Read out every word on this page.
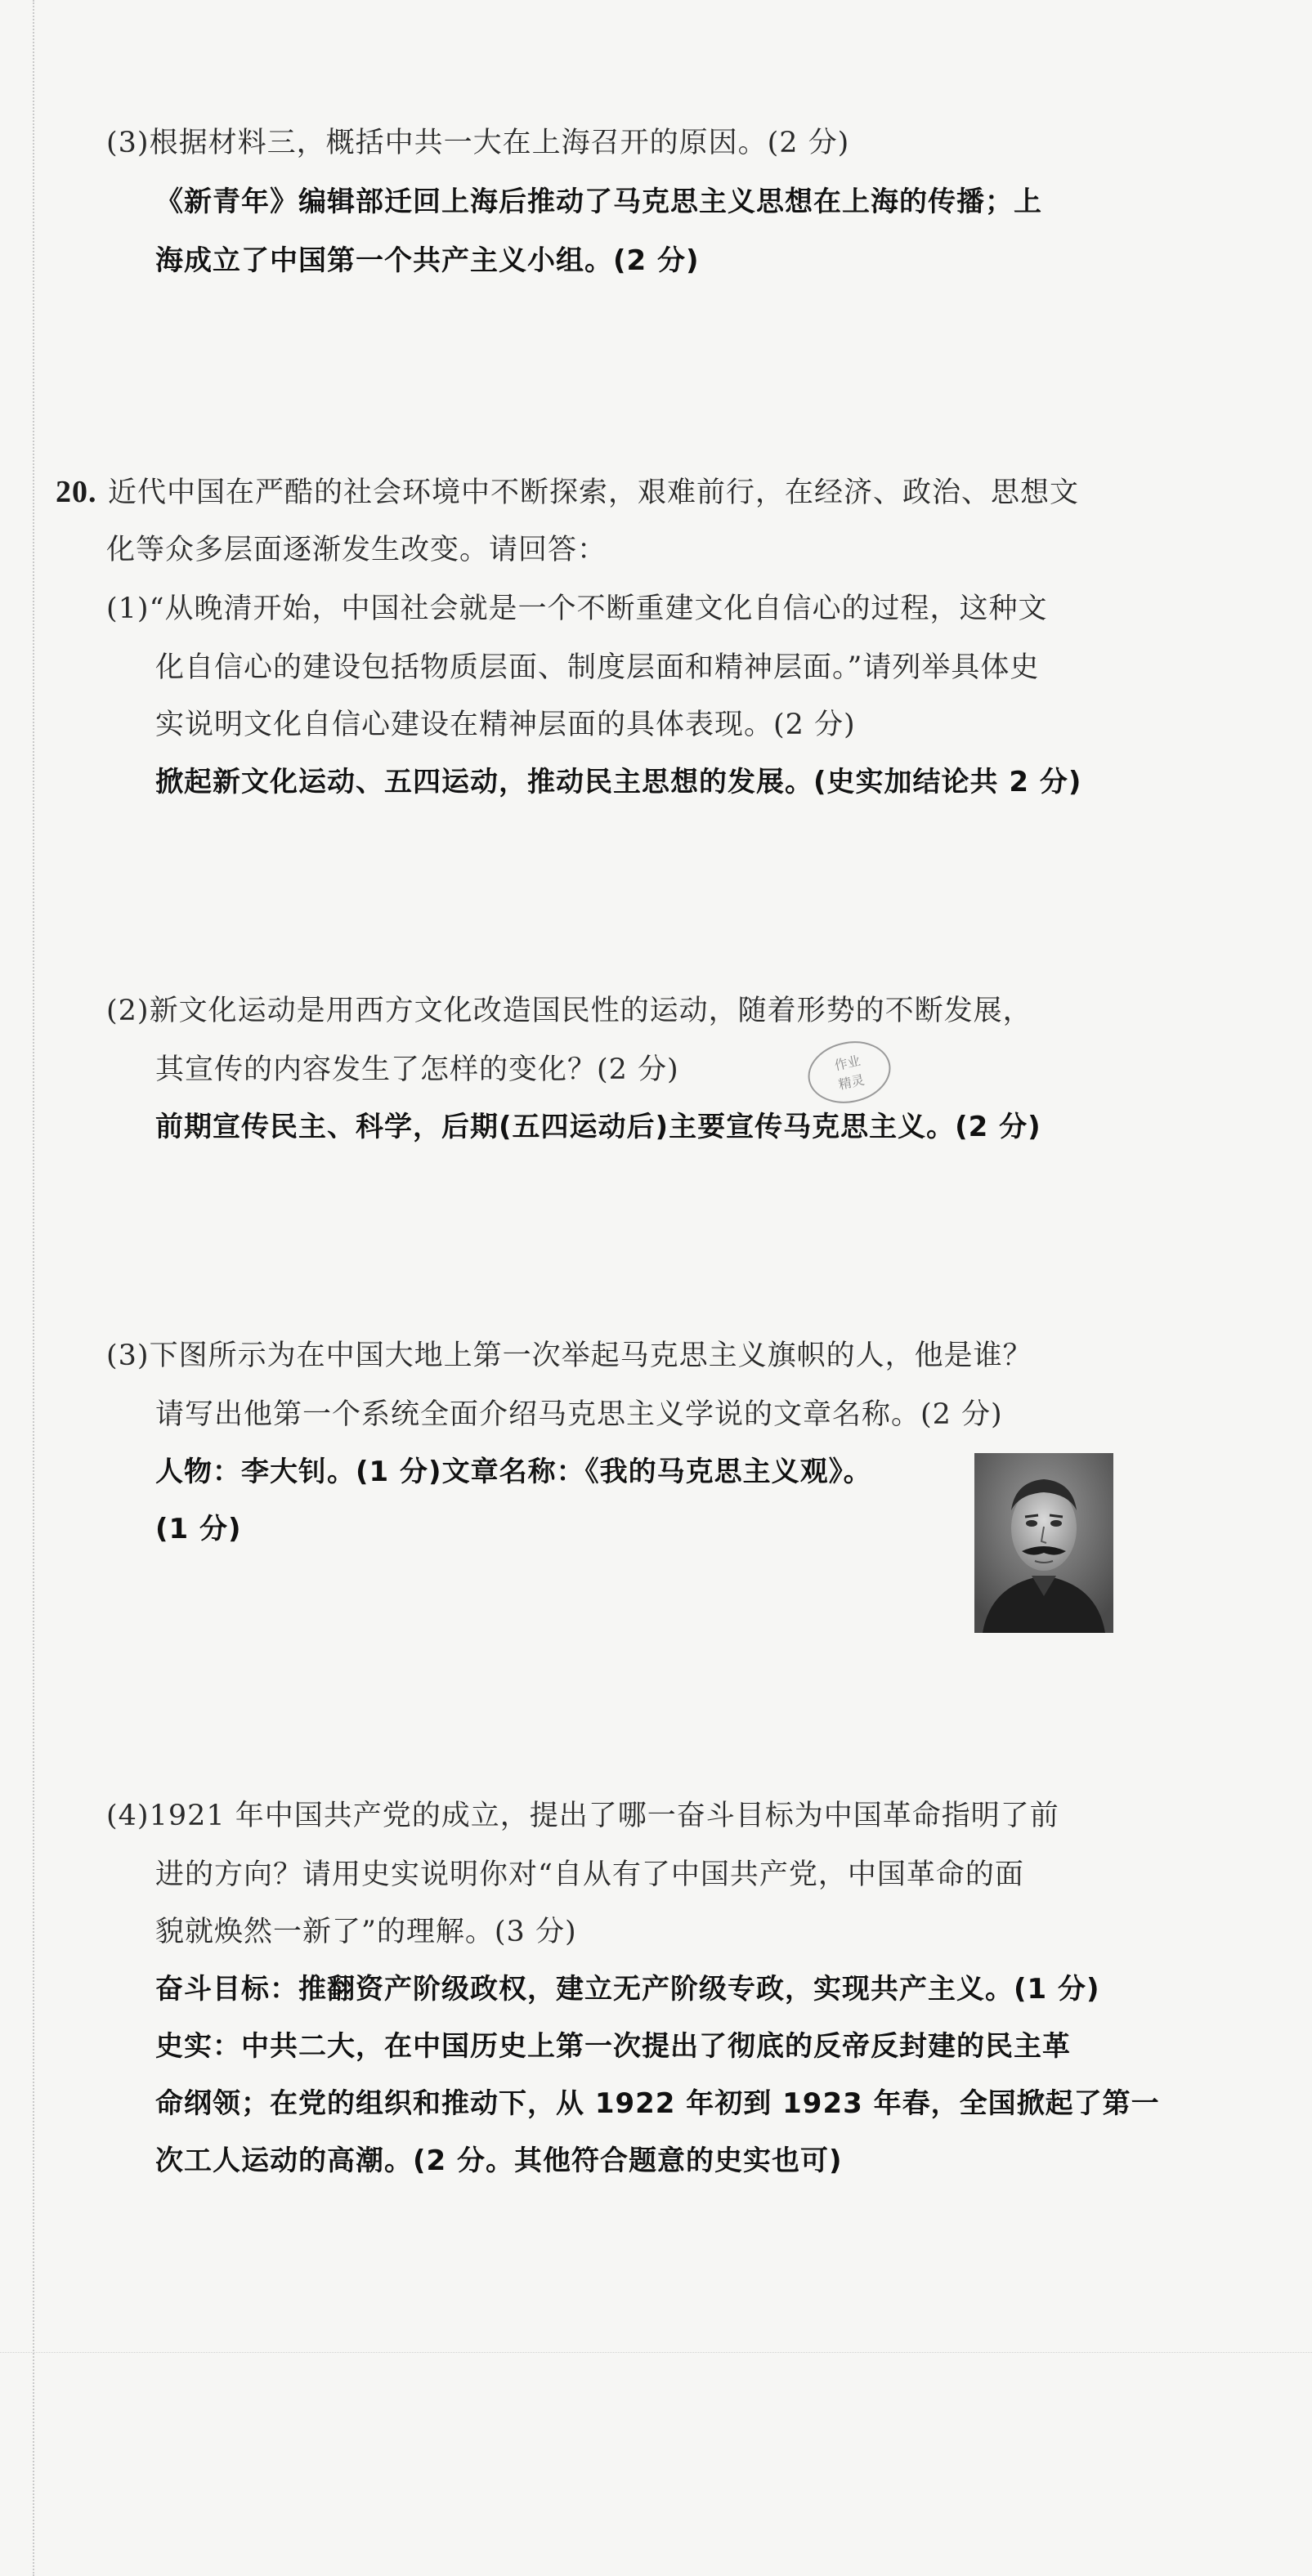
(3)根据材料三，概括中共一大在上海召开的原因。(2 分)
《新青年》编辑部迁回上海后推动了马克思主义思想在上海的传播；上
海成立了中国第一个共产主义小组。(2 分)
20. 近代中国在严酷的社会环境中不断探索，艰难前行，在经济、政治、思想文
化等众多层面逐渐发生改变。请回答：
(1)“从晚清开始，中国社会就是一个不断重建文化自信心的过程，这种文
化自信心的建设包括物质层面、制度层面和精神层面。”请列举具体史
实说明文化自信心建设在精神层面的具体表现。(2 分)
掀起新文化运动、五四运动，推动民主思想的发展。(史实加结论共 2 分)
(2)新文化运动是用西方文化改造国民性的运动，随着形势的不断发展，
其宣传的内容发生了怎样的变化？(2 分)
前期宣传民主、科学，后期(五四运动后)主要宣传马克思主义。(2 分)
作业
精灵
(3)下图所示为在中国大地上第一次举起马克思主义旗帜的人，他是谁？
请写出他第一个系统全面介绍马克思主义学说的文章名称。(2 分)
人物：李大钊。(1 分)文章名称：《我的马克思主义观》。
(1 分)
(4)1921 年中国共产党的成立，提出了哪一奋斗目标为中国革命指明了前
进的方向？请用史实说明你对“自从有了中国共产党，中国革命的面
貌就焕然一新了”的理解。(3 分)
奋斗目标：推翻资产阶级政权，建立无产阶级专政，实现共产主义。(1 分)
史实：中共二大，在中国历史上第一次提出了彻底的反帝反封建的民主革
命纲领；在党的组织和推动下，从 1922 年初到 1923 年春，全国掀起了第一
次工人运动的高潮。(2 分。其他符合题意的史实也可)
